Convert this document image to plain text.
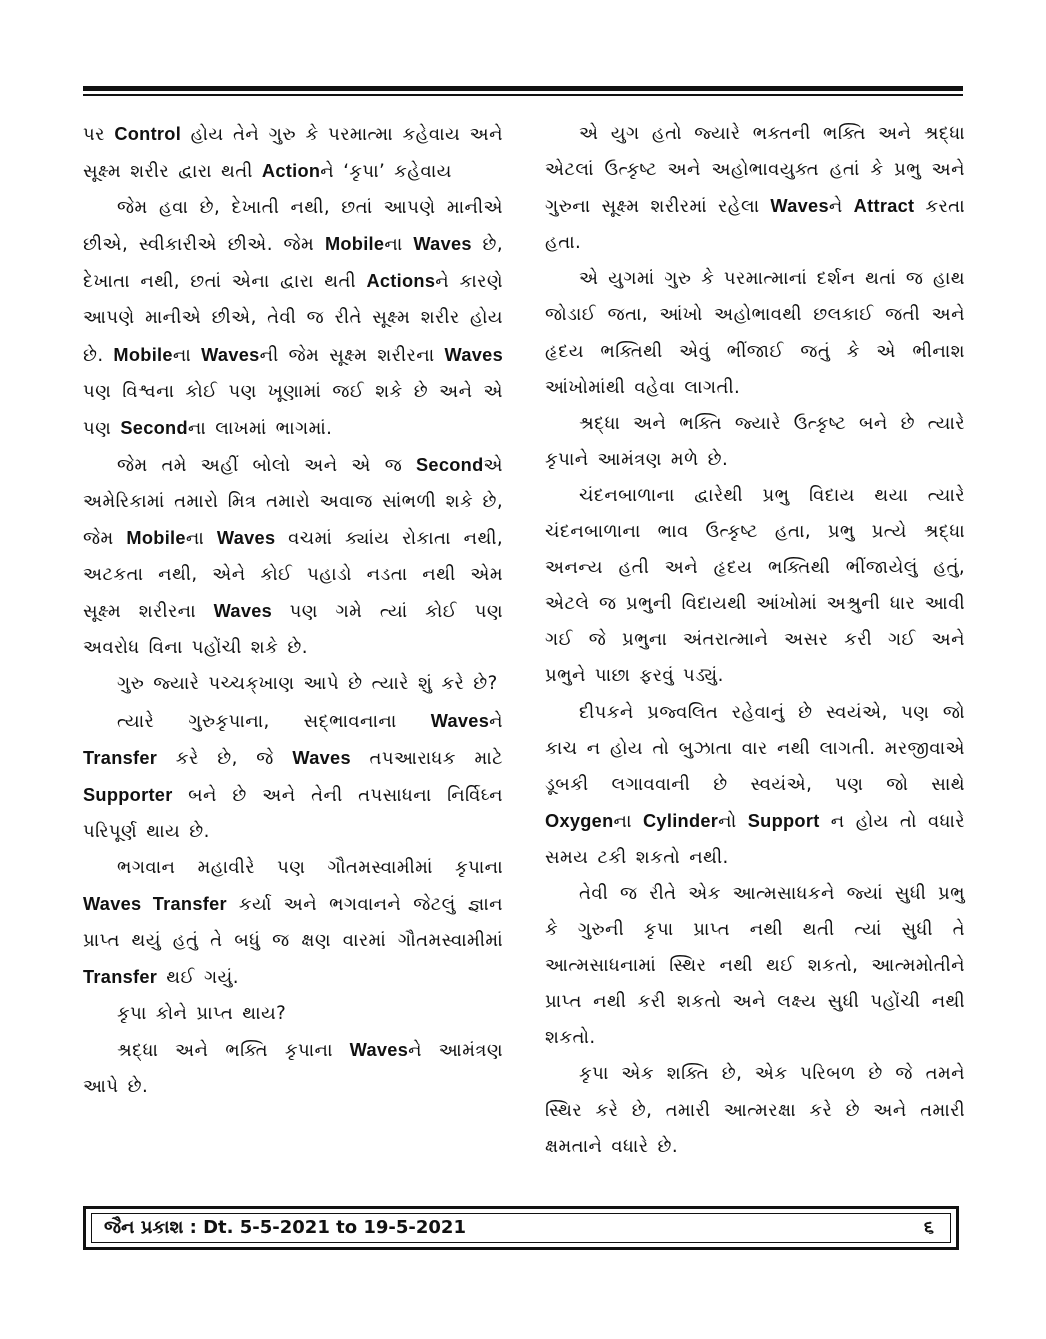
પર Control હોય તેને ગુરુ કે પરમાત્મા કહેવાય અને સૂક્ષ્મ શરીર દ્વારા થતી Actionને ‘કૃપા’ કહેવાય

જેમ હવા છે, દેખાતી નથી, છતાં આપણે માનીએ છીએ, સ્વીકારીએ છીએ. જેમ Mobileના Waves છે, દેખાતા નથી, છતાં એના દ્વારા થતી Actionsને કારણે આપણે માનીએ છીએ, તેવી જ રીતે સૂક્ષ્મ શરીર હોય છે. Mobileના Wavesની જેમ સૂક્ષ્મ શરીરના Waves પણ વિશ્વના કોઈ પણ ખૂણામાં જઈ શકે છે અને એ પણ Secondના લાખમાં ભાગમાં.

જેમ તમે અહીં બોલો અને એ જ Secondએ અમેરિકામાં તમારો મિત્ર તમારો અવાજ સાંભળી શકે છે, જેમ Mobileના Waves વચમાં ક્યાંય રોકાતા નથી, અટકતા નથી, એને કોઈ પહાડો નડતા નથી એમ સૂક્ષ્મ શરીરના Waves પણ ગમે ત્યાં કોઈ પણ અવરોધ વિના પહોંચી શકે છે.

ગુરુ જ્યારે પચ્ચક્‌ખાણ આપે છે ત્યારે શું કરે છે?

ત્યારે ગુરુકૃપાના, સદ્‌ભાવનાના Wavesને Transfer કરે છે, જે Waves તપઆરાધક માટે Supporter બને છે અને તેની તપસાધના નિર્વિઘ્ન પરિપૂર્ણ થાય છે.

ભગવાન મહાવીરે પણ ગૌતમસ્વામીમાં કૃપાના Waves Transfer કર્યા અને ભગવાનને જેટલું જ્ઞાન પ્રાપ્ત થયું હતું તે બધું જ ક્ષણ વારમાં ગૌતમસ્વામીમાં Transfer થઈ ગયું.

કૃપા કોને પ્રાપ્ત થાય?

શ્રદ્ધા અને ભક્તિ કૃપાના Wavesને આમંત્રણ આપે છે.

એ યુગ હતો જ્યારે ભક્તની ભક્તિ અને શ્રદ્ધા એટલાં ઉત્કૃષ્ટ અને અહોભાવયુક્ત હતાં કે પ્રભુ અને ગુરુના સૂક્ષ્મ શરીરમાં રહેલા Wavesને Attract કરતા હતા.

એ યુગમાં ગુરુ કે પરમાત્માનાં દર્શન થતાં જ હાથ જોડાઈ જતા, આંખો અહોભાવથી છલકાઈ જતી અને હૃદય ભક્તિથી એવું ભીંજાઈ જતું કે એ ભીનાશ આંખોમાંથી વહેવા લાગતી.

શ્રદ્ધા અને ભક્તિ જ્યારે ઉત્કૃષ્ટ બને છે ત્યારે કૃપાને આમંત્રણ મળે છે.

ચંદનબાળાના દ્વારેથી પ્રભુ વિદાય થયા ત્યારે ચંદનબાળાના ભાવ ઉત્કૃષ્ટ હતા, પ્રભુ પ્રત્યે શ્રદ્ધા અનન્ય હતી અને હૃદય ભક્તિથી ભીંજાયેલું હતું, એટલે જ પ્રભુની વિદાયથી આંખોમાં અશ્રુની ધાર આવી ગઈ જે પ્રભુના અંતરાત્માને અસર કરી ગઈ અને પ્રભુને પાછા ફરવું પડ્યું.

દીપકને પ્રજ્વલિત રહેવાનું છે સ્વયંએ, પણ જો કાચ ન હોય તો બુઝાતા વાર નથી લાગતી. મરજીવાએ ડૂબકી લગાવવાની છે સ્વયંએ, પણ જો સાથે Oxygenના Cylinderનો Support ન હોય તો વધારે સમય ટકી શકતો નથી.

તેવી જ રીતે એક આત્મસાધકને જ્યાં સુધી પ્રભુ કે ગુરુની કૃપા પ્રાપ્ત નથી થતી ત્યાં સુધી તે આત્મસાધનામાં સ્થિર નથી થઈ શકતો, આત્મમોતીને પ્રાપ્ત નથી કરી શકતો અને લક્ષ્ય સુધી પહોંચી નથી શકતો.

કૃપા એક શક્તિ છે, એક પરિબળ છે જે તમને સ્થિર કરે છે, તમારી આત્મરક્ષા કરે છે અને તમારી ક્ષમતાને વધારે છે.

જૈન પ્રકાશ : Dt. 5-5-2021 to 19-5-2021	૬
